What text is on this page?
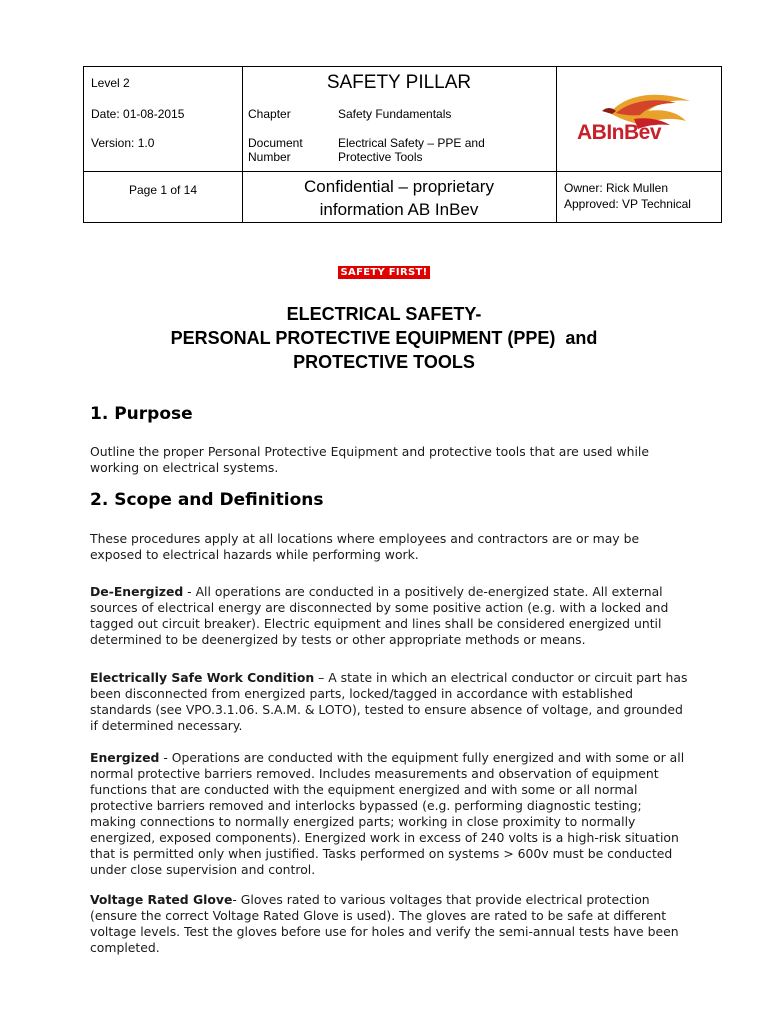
Level 2
Date: 01-08-2015
Version: 1.0
Page 1 of 14
SAFETY PILLAR
Chapter	Safety Fundamentals
Document
Number
Electrical Safety – PPE and
Protective Tools
Confidential – proprietary
information AB InBev
ABInBev
Owner: Rick Mullen
Approved: VP Technical
SAFETY FIRST!
ELECTRICAL SAFETY-
PERSONAL PROTECTIVE EQUIPMENT (PPE)  and
PROTECTIVE TOOLS
1. Purpose

Outline the proper Personal Protective Equipment and protective tools that are used while working on electrical systems.

2. Scope and Definitions

These procedures apply at all locations where employees and contractors are or may be exposed to electrical hazards while performing work.

De-Energized - All operations are conducted in a positively de-energized state. All external sources of electrical energy are disconnected by some positive action (e.g. with a locked and tagged out circuit breaker). Electric equipment and lines shall be considered energized until determined to be deenergized by tests or other appropriate methods or means.

Electrically Safe Work Condition – A state in which an electrical conductor or circuit part has been disconnected from energized parts, locked/tagged in accordance with established standards (see VPO.3.1.06. S.A.M. & LOTO), tested to ensure absence of voltage, and grounded if determined necessary.

Energized - Operations are conducted with the equipment fully energized and with some or all normal protective barriers removed. Includes measurements and observation of equipment functions that are conducted with the equipment energized and with some or all normal protective barriers removed and interlocks bypassed (e.g. performing diagnostic testing; making connections to normally energized parts; working in close proximity to normally energized, exposed components). Energized work in excess of 240 volts is a high-risk situation that is permitted only when justified. Tasks performed on systems > 600v must be conducted under close supervision and control.

Voltage Rated Glove- Gloves rated to various voltages that provide electrical protection (ensure the correct Voltage Rated Glove is used). The gloves are rated to be safe at different voltage levels. Test the gloves before use for holes and verify the semi-annual tests have been completed.
